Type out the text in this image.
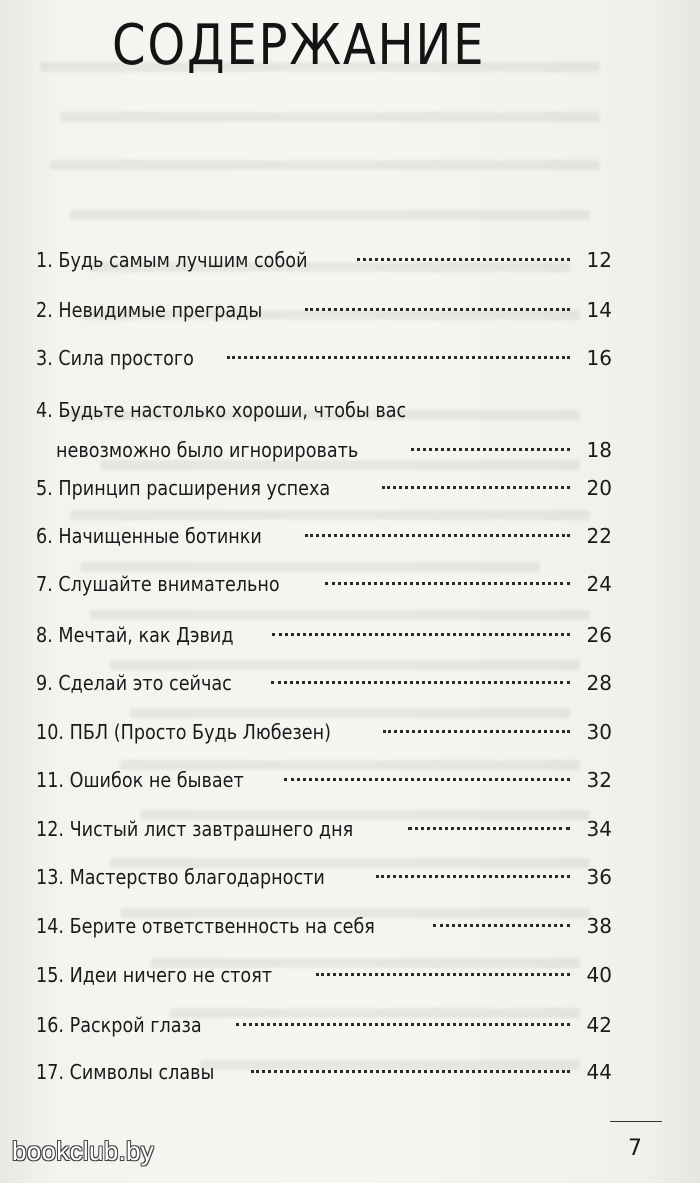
СОДЕРЖАНИЕ
1. Будь самым лучшим собой	12
2. Невидимые преграды	14
3. Сила простого	16
4. Будьте настолько хороши, чтобы вас
невозможно было игнорировать	18
5. Принцип расширения успеха	20
6. Начищенные ботинки	22
7. Слушайте внимательно	24
8. Мечтай, как Дэвид	26
9. Сделай это сейчас	28
10. ПБЛ (Просто Будь Любезен)	30
11. Ошибок не бывает	32
12. Чистый лист завтрашнего дня	34
13. Мастерство благодарности	36
14. Берите ответственность на себя	38
15. Идеи ничего не стоят	40
16. Раскрой глаза	42
17. Символы славы	44
7
bookclub.by
